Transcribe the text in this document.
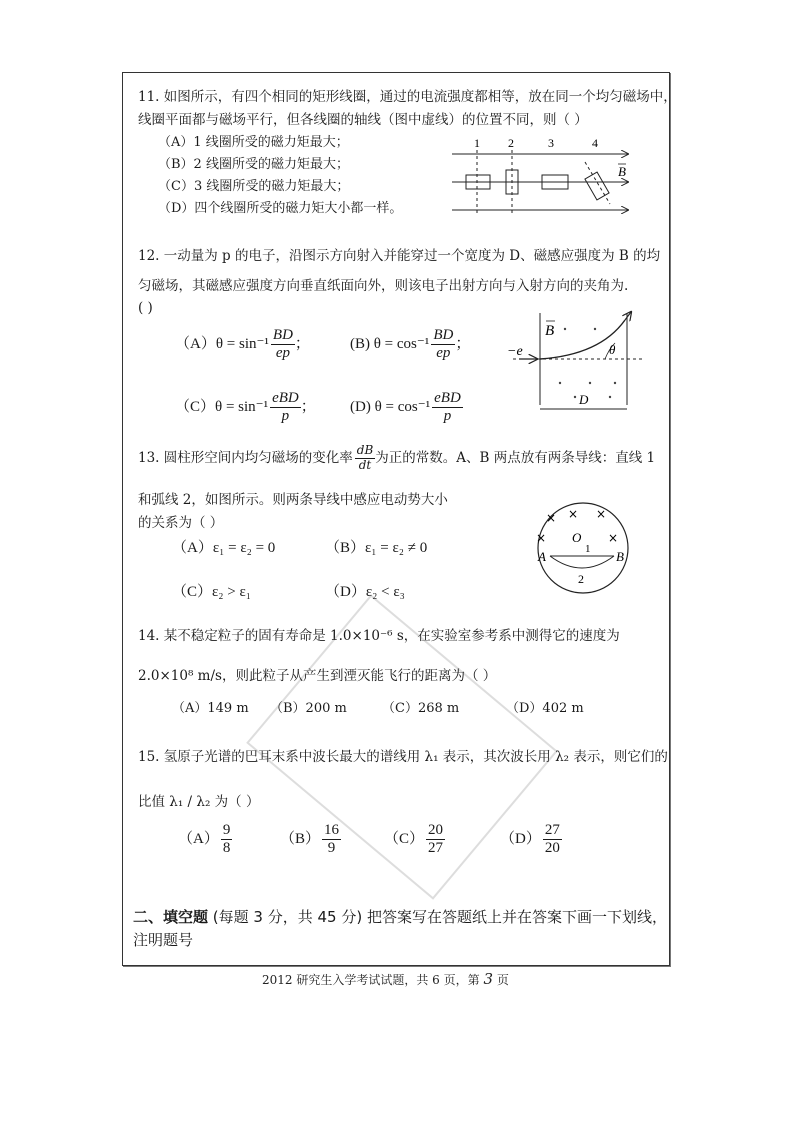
11. 如图所示，有四个相同的矩形线圈，通过的电流强度都相等，放在同一个均匀磁场中，
线圈平面都与磁场平行，但各线圈的轴线（图中虚线）的位置不同，则（ ）
（A）1 线圈所受的磁力矩最大；
（B）2 线圈所受的磁力矩最大；
（C）3 线圈所受的磁力矩最大；
（D）四个线圈所受的磁力矩大小都一样。
1 2	3	4
B
12. 一动量为 p 的电子，沿图示方向射入并能穿过一个宽度为 D、磁感应强度为 B 的均
匀磁场，其磁感应强度方向垂直纸面向外，则该电子出射方向与入射方向的夹角为.
( )
$(A)\theta = \sin^{-1} \frac{BD}{ep}$ ；	(B) $\theta = \cos^{-1} \frac{BD}{ep}$ ；
$(C)\theta = \sin^{-1} \frac{\text{eBD}}{p}$ ； (D) $\theta = \cos^{-1} \frac{\text{eBD}}{p}$
B
−e	θ
D
13. 圆柱形空间内均匀磁场的变化率 $\frac{dB}{dt}$ 为正的常数。A、B 两点放有两条导线：直线 1
和弧线 2，如图所示。则两条导线中感应电动势大小
的关系为（ ）
（A）ε₁ = ε₂ = 0	（B）ε₁ = ε₂ ≠ 0
（C）ε₂ > ε₁	（D）ε₂ < ε₃
× × ×
×	×
O
A	B
1
2
14. 某不稳定粒子的固有寿命是 1.0×10⁻⁶ s，在实验室参考系中测得它的速度为
2.0×10⁸ m/s，则此粒子从产生到湮灭能飞行的距离为（ ）
（A）149 m （B）200 m	（C）268 m	（D）402 m
15. 氢原子光谱的巴耳末系中波长最大的谱线用 λ₁ 表示，其次波长用 λ₂ 表示，则它们的
比值 λ₁ / λ₂ 为（ ）
$(A) \frac{9}{8}$	$(B) \frac{16}{9}$	$(C) \frac{20}{27}$	$(D) \frac{27}{20}$
二、填空题 (每题 3 分，共 45 分) 把答案写在答题纸上并在答案下画一下划线，
注明题号
2012 研究生入学考试试题，共 6 页，第 3 页
